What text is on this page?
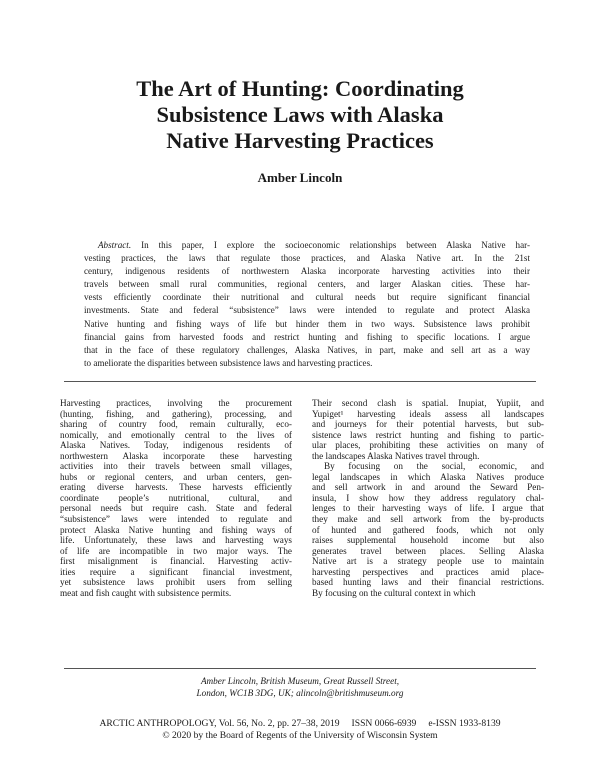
The Art of Hunting: Coordinating
Subsistence Laws with Alaska
Native Harvesting Practices
Amber Lincoln
Abstract. In this paper, I explore the socioeconomic relationships between Alaska Native har-
vesting practices, the laws that regulate those practices, and Alaska Native art. In the 21st
century, indigenous residents of northwestern Alaska incorporate harvesting activities into their
travels between small rural communities, regional centers, and larger Alaskan cities. These har-
vests efficiently coordinate their nutritional and cultural needs but require significant financial
investments. State and federal “subsistence” laws were intended to regulate and protect Alaska
Native hunting and fishing ways of life but hinder them in two ways. Subsistence laws prohibit
financial gains from harvested foods and restrict hunting and fishing to specific locations. I argue
that in the face of these regulatory challenges, Alaska Natives, in part, make and sell art as a way
to ameliorate the disparities between subsistence laws and harvesting practices.
Harvesting practices, involving the procurement
(hunting, fishing, and gathering), processing, and
sharing of country food, remain culturally, eco-
nomically, and emotionally central to the lives of
Alaska Natives. Today, indigenous residents of
northwestern Alaska incorporate these harvesting
activities into their travels between small villages,
hubs or regional centers, and urban centers, gen-
erating diverse harvests. These harvests efficiently
coordinate people’s nutritional, cultural, and
personal needs but require cash. State and federal
“subsistence” laws were intended to regulate and
protect Alaska Native hunting and fishing ways of
life. Unfortunately, these laws and harvesting ways
of life are incompatible in two major ways. The
first misalignment is financial. Harvesting activ-
ities require a significant financial investment,
yet subsistence laws prohibit users from selling
meat and fish caught with subsistence permits.
Their second clash is spatial. Inupiat, Yupiit, and
Yupiget¹ harvesting ideals assess all landscapes
and journeys for their potential harvests, but sub-
sistence laws restrict hunting and fishing to partic-
ular places, prohibiting these activities on many of
the landscapes Alaska Natives travel through.
By focusing on the social, economic, and
legal landscapes in which Alaska Natives produce
and sell artwork in and around the Seward Pen-
insula, I show how they address regulatory chal-
lenges to their harvesting ways of life. I argue that
they make and sell artwork from the by-products
of hunted and gathered foods, which not only
raises supplemental household income but also
generates travel between places. Selling Alaska
Native art is a strategy people use to maintain
harvesting perspectives and practices amid place-
based hunting laws and their financial restrictions.
By focusing on the cultural context in which
Amber Lincoln, British Museum, Great Russell Street,
London, WC1B 3DG, UK; alincoln@britishmuseum.org
ARCTIC ANTHROPOLOGY, Vol. 56, No. 2, pp. 27–38, 2019     ISSN 0066-6939     e-ISSN 1933-8139
© 2020 by the Board of Regents of the University of Wisconsin System
